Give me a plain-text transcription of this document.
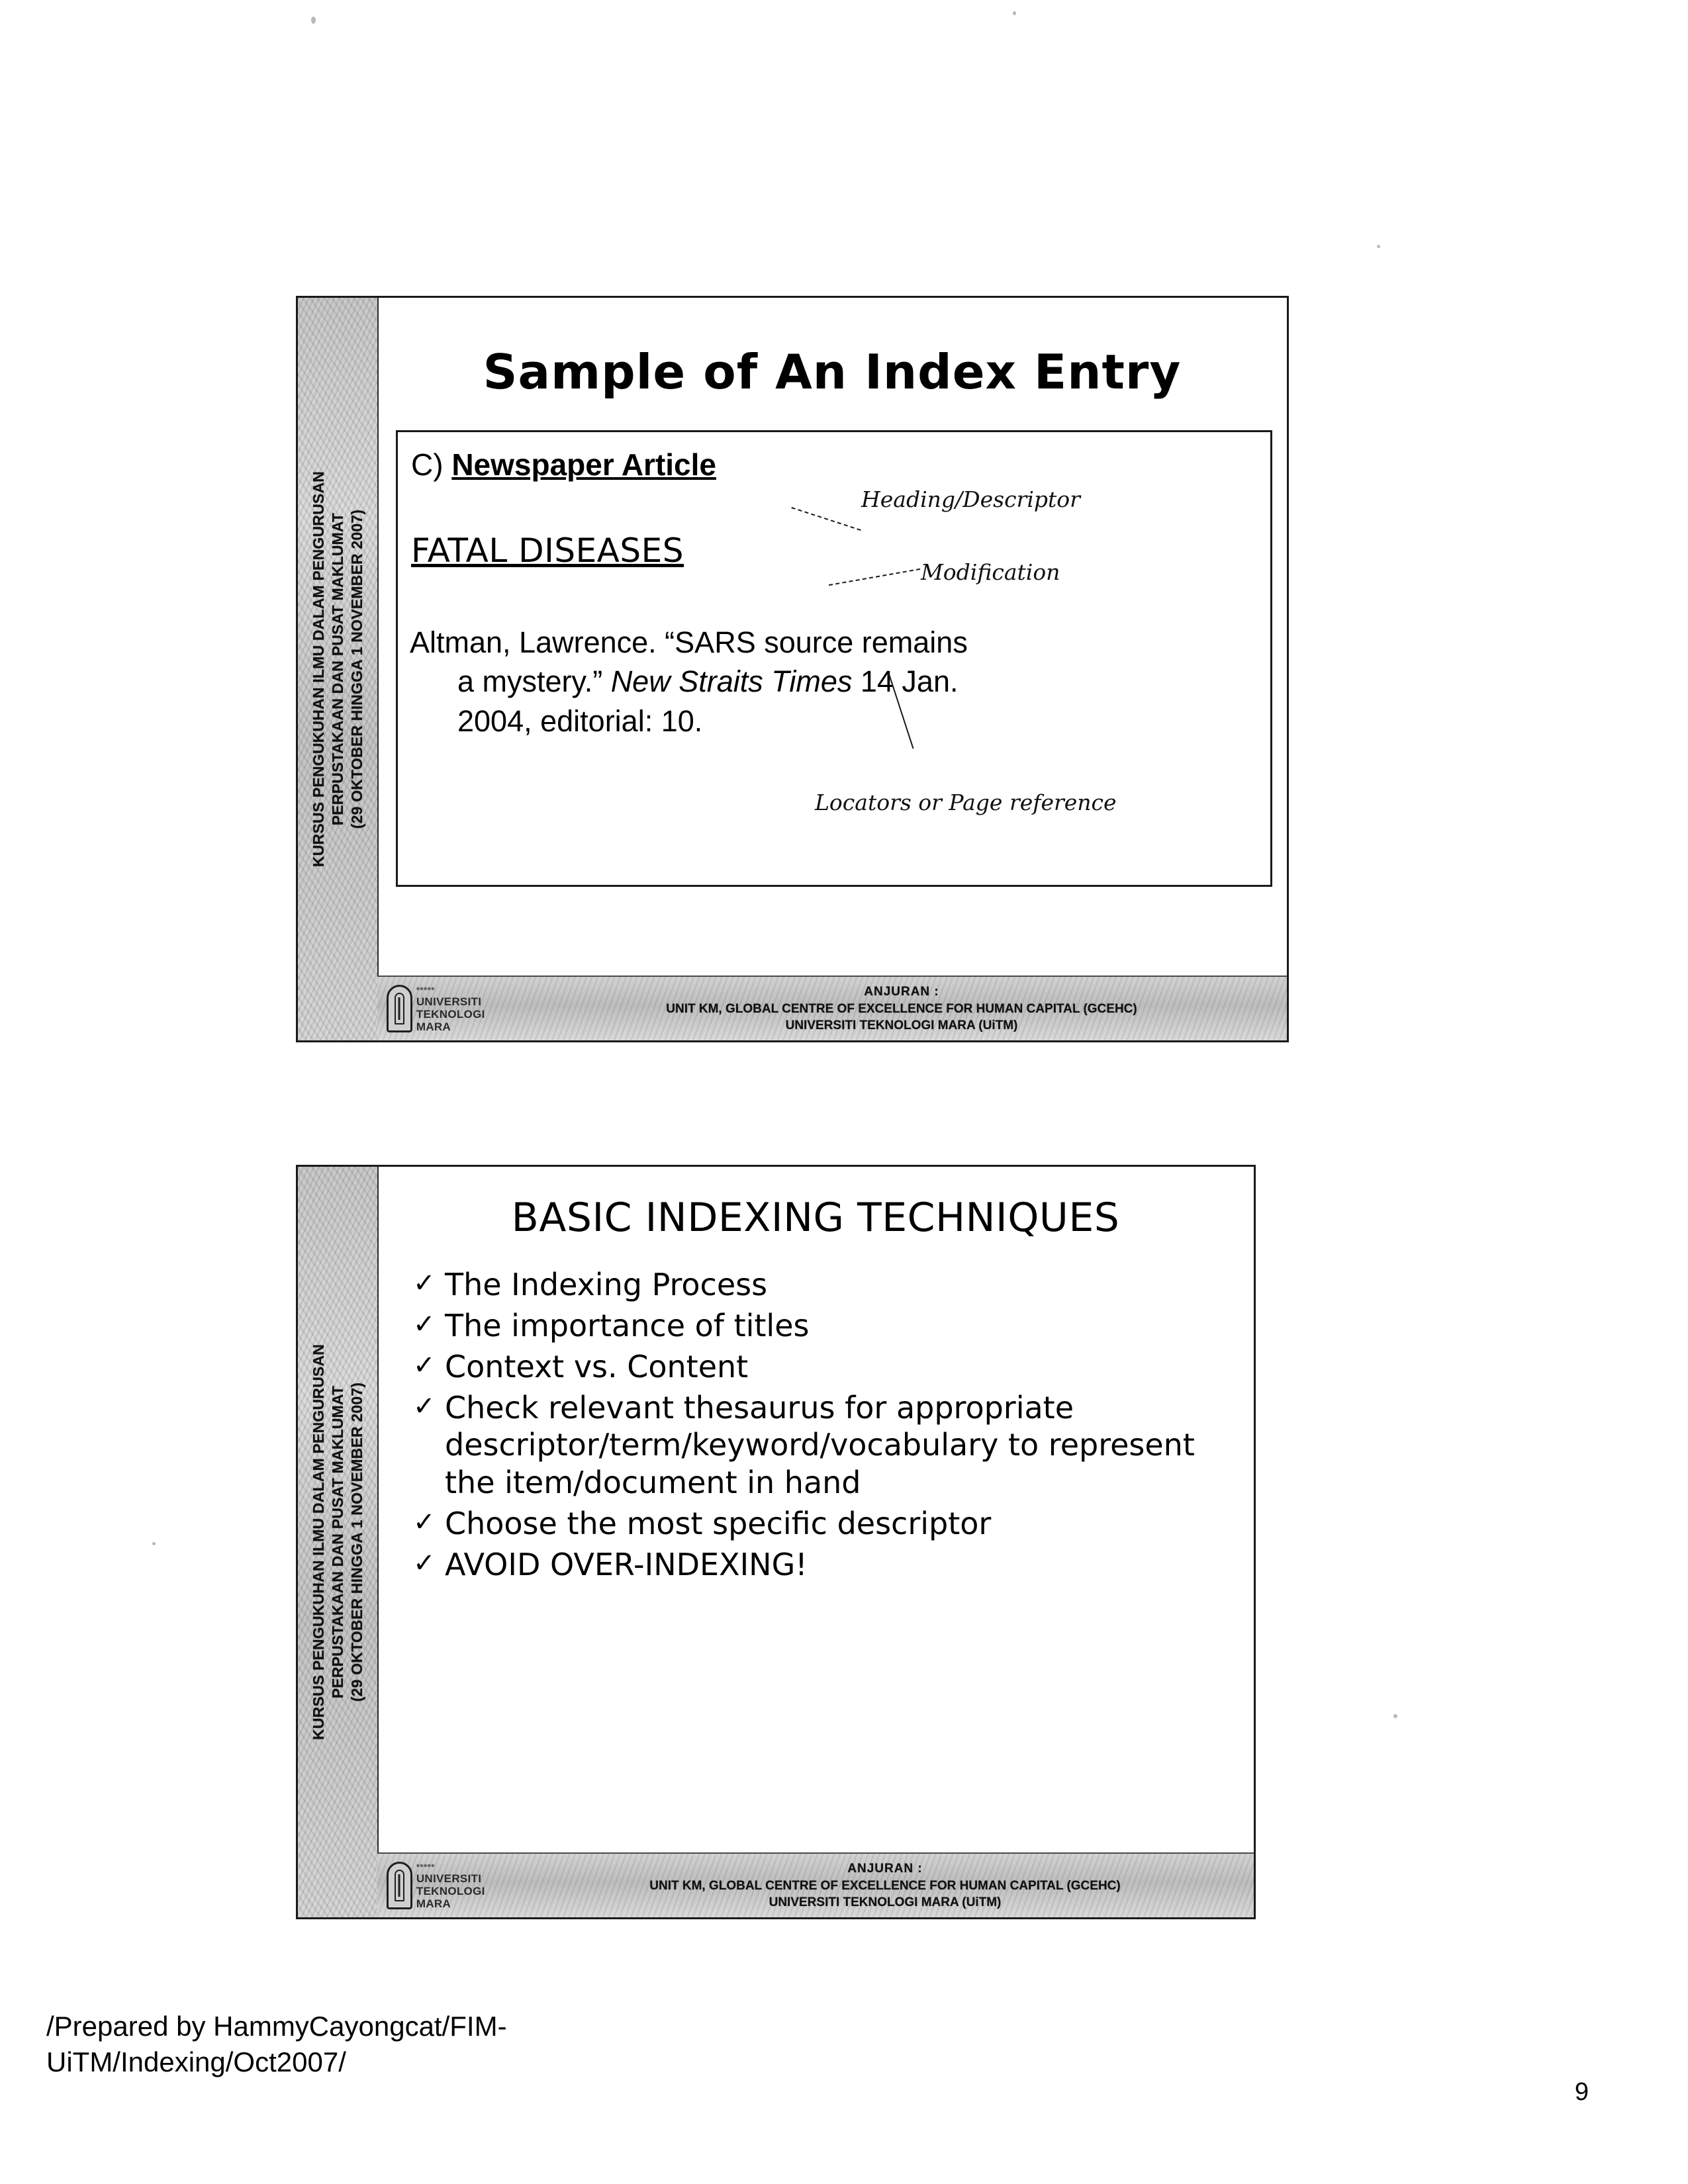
KURSUS PENGUKUHAN ILMU DALAM PENGURUSAN PERPUSTAKAAN DAN PUSAT MAKLUMAT (29 OKTOBER HINGGA 1 NOVEMBER 2007)
Sample of An Index Entry
C) Newspaper Article
FATAL DISEASES
Altman, Lawrence. “SARS source remains
a mystery.” New Straits Times 14 Jan.
2004, editorial: 10.
Heading/Descriptor
Modification
Locators or Page reference
•••••
UNIVERSITI TEKNOLOGI MARA
ANJURAN :
UNIT KM, GLOBAL CENTRE OF EXCELLENCE FOR HUMAN CAPITAL (GCEHC)
UNIVERSITI TEKNOLOGI MARA (UiTM)
KURSUS PENGUKUHAN ILMU DALAM PENGURUSAN PERPUSTAKAAN DAN PUSAT MAKLUMAT (29 OKTOBER HINGGA 1 NOVEMBER 2007)
BASIC INDEXING TECHNIQUES
✓ The Indexing Process
✓ The importance of titles
✓ Context vs. Content
✓ Check relevant thesaurus for appropriate descriptor/term/keyword/vocabulary to represent the item/document in hand
✓ Choose the most specific descriptor
✓ AVOID OVER-INDEXING!
•••••
UNIVERSITI TEKNOLOGI MARA
ANJURAN :
UNIT KM, GLOBAL CENTRE OF EXCELLENCE FOR HUMAN CAPITAL (GCEHC)
UNIVERSITI TEKNOLOGI MARA (UiTM)
/Prepared by HammyCayongcat/FIM-
UiTM/Indexing/Oct2007/
9
